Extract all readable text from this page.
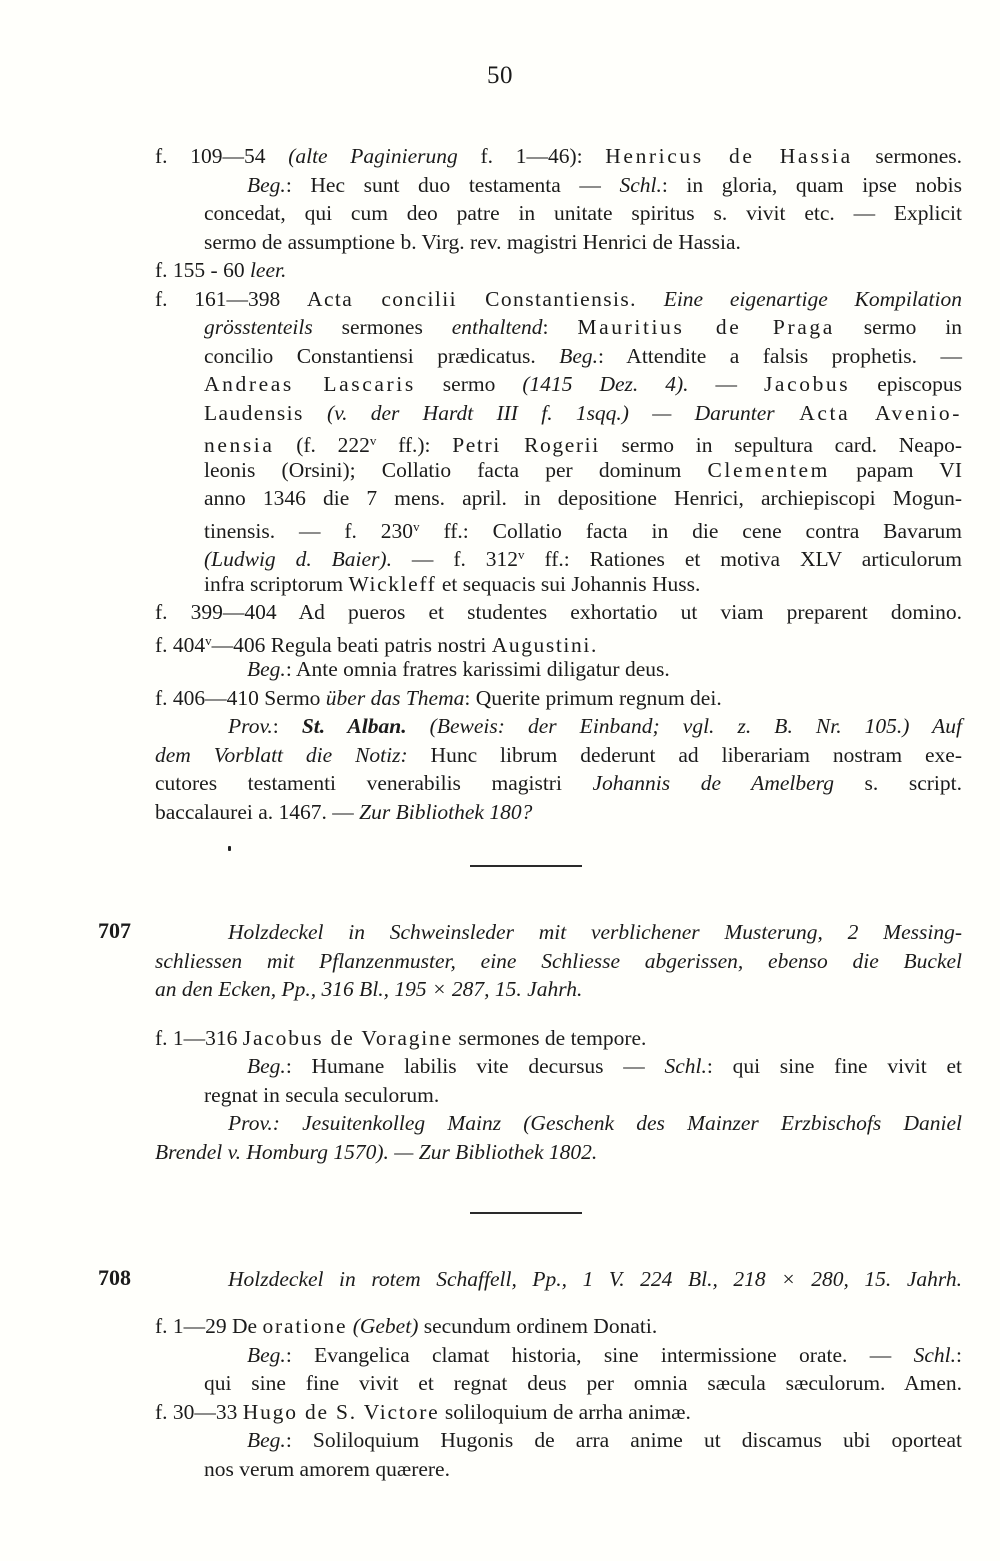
50
f. 109—54 (alte Paginierung f. 1—46): Henricus de Hassia sermones.
Beg.: Hec sunt duo testamenta — Schl.: in gloria, quam ipse nobis
concedat, qui cum deo patre in unitate spiritus s. vivit etc. — Explicit
sermo de assumptione b. Virg. rev. magistri Henrici de Hassia.
f. 155 - 60 leer.
f. 161—398 Acta concilii Constantiensis. Eine eigenartige Kompilation
grösstenteils sermones enthaltend: Mauritius de Praga sermo in
concilio Constantiensi prædicatus. Beg.: Attendite a falsis prophetis. —
Andreas Lascaris sermo (1415 Dez. 4). — Jacobus episcopus
Laudensis (v. der Hardt III f. 1sqq.) — Darunter Acta Avenio-
nensia (f. 222$^v$ ff.): Petri Rogerii sermo in sepultura card. Neapo-
leonis (Orsini); Collatio facta per dominum Clementem papam VI
anno 1346 die 7 mens. april. in depositione Henrici, archiepiscopi Mogun-
tinensis. — f. 230$^v$ ff.: Collatio facta in die cene contra Bavarum
(Ludwig d. Baier). — f. 312$^v$ ff.: Rationes et motiva XLV articulorum
infra scriptorum Wickleff et sequacis sui Johannis Huss.
f. 399—404 Ad pueros et studentes exhortatio ut viam preparent domino.
f. 404$^v$—406 Regula beati patris nostri Augustini.
Beg.: Ante omnia fratres karissimi diligatur deus.
f. 406—410 Sermo über das Thema: Querite primum regnum dei.
Prov.: St. Alban. (Beweis: der Einband; vgl. z. B. Nr. 105.) Auf
dem Vorblatt die Notiz: Hunc librum dederunt ad liberariam nostram exe-
cutores testamenti venerabilis magistri Johannis de Amelberg s. script.
baccalaurei a. 1467. — Zur Bibliothek 180?
707	Holzdeckel in Schweinsleder mit verblichener Musterung, 2 Messing-
schliessen mit Pflanzenmuster, eine Schliesse abgerissen, ebenso die Buckel
an den Ecken, Pp., 316 Bl., 195 × 287, 15. Jahrh.
f. 1—316 Jacobus de Voragine sermones de tempore.
Beg.: Humane labilis vite decursus — Schl.: qui sine fine vivit et
regnat in secula seculorum.
Prov.: Jesuitenkolleg Mainz (Geschenk des Mainzer Erzbischofs Daniel
Brendel v. Homburg 1570). — Zur Bibliothek 1802.
708	Holzdeckel in rotem Schaffell, Pp., 1 V. 224 Bl., 218 × 280, 15. Jahrh.
f. 1—29 De oratione (Gebet) secundum ordinem Donati.
Beg.: Evangelica clamat historia, sine intermissione orate. — Schl.:
qui sine fine vivit et regnat deus per omnia sæcula sæculorum. Amen.
f. 30—33 Hugo de S. Victore soliloquium de arrha animæ.
Beg.: Soliloquium Hugonis de arra anime ut discamus ubi oporteat
nos verum amorem quærere.
